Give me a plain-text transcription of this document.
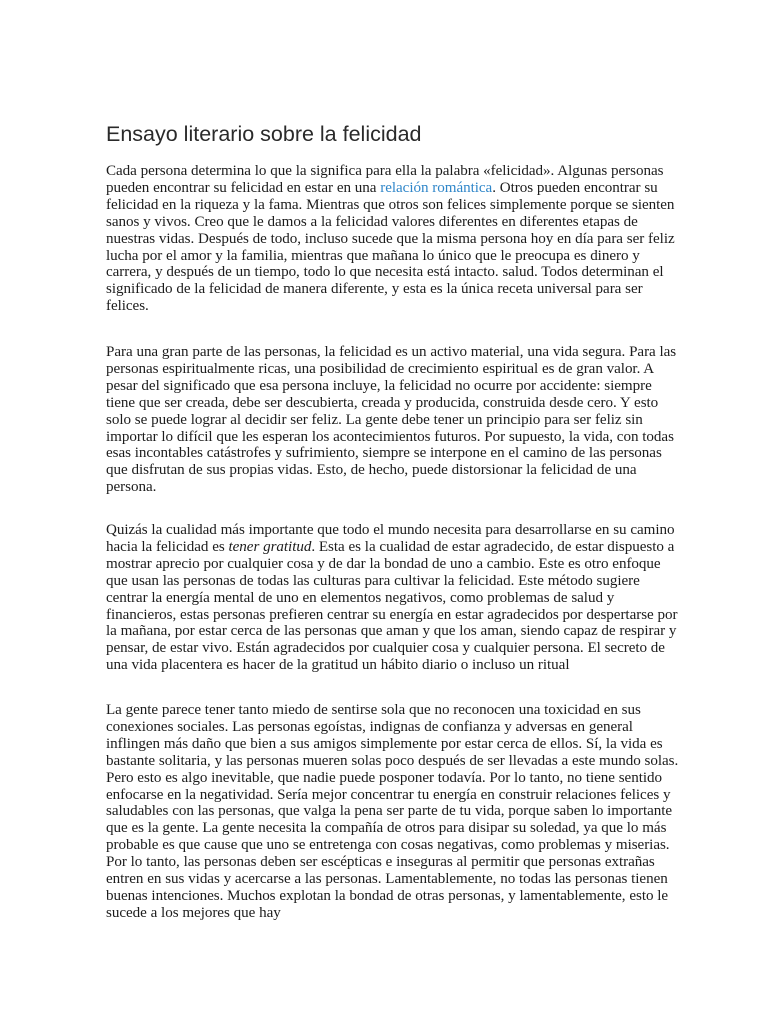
Ensayo literario sobre la felicidad

Cada persona determina lo que la significa para ella la palabra «felicidad». Algunas personas
pueden encontrar su felicidad en estar en una relación romántica. Otros pueden encontrar su
felicidad en la riqueza y la fama. Mientras que otros son felices simplemente porque se sienten
sanos y vivos. Creo que le damos a la felicidad valores diferentes en diferentes etapas de
nuestras vidas. Después de todo, incluso sucede que la misma persona hoy en día para ser feliz
lucha por el amor y la familia, mientras que mañana lo único que le preocupa es dinero y
carrera, y después de un tiempo, todo lo que necesita está intacto. salud. Todos determinan el
significado de la felicidad de manera diferente, y esta es la única receta universal para ser
felices.

Para una gran parte de las personas, la felicidad es un activo material, una vida segura. Para las
personas espiritualmente ricas, una posibilidad de crecimiento espiritual es de gran valor. A
pesar del significado que esa persona incluye, la felicidad no ocurre por accidente: siempre
tiene que ser creada, debe ser descubierta, creada y producida, construida desde cero. Y esto
solo se puede lograr al decidir ser feliz. La gente debe tener un principio para ser feliz sin
importar lo difícil que les esperan los acontecimientos futuros. Por supuesto, la vida, con todas
esas incontables catástrofes y sufrimiento, siempre se interpone en el camino de las personas
que disfrutan de sus propias vidas. Esto, de hecho, puede distorsionar la felicidad de una
persona.

Quizás la cualidad más importante que todo el mundo necesita para desarrollarse en su camino
hacia la felicidad es tener gratitud. Esta es la cualidad de estar agradecido, de estar dispuesto a
mostrar aprecio por cualquier cosa y de dar la bondad de uno a cambio. Este es otro enfoque
que usan las personas de todas las culturas para cultivar la felicidad. Este método sugiere
centrar la energía mental de uno en elementos negativos, como problemas de salud y
financieros, estas personas prefieren centrar su energía en estar agradecidos por despertarse por
la mañana, por estar cerca de las personas que aman y que los aman, siendo capaz de respirar y
pensar, de estar vivo. Están agradecidos por cualquier cosa y cualquier persona. El secreto de
una vida placentera es hacer de la gratitud un hábito diario o incluso un ritual

La gente parece tener tanto miedo de sentirse sola que no reconocen una toxicidad en sus
conexiones sociales. Las personas egoístas, indignas de confianza y adversas en general
inflingen más daño que bien a sus amigos simplemente por estar cerca de ellos. Sí, la vida es
bastante solitaria, y las personas mueren solas poco después de ser llevadas a este mundo solas.
Pero esto es algo inevitable, que nadie puede posponer todavía. Por lo tanto, no tiene sentido
enfocarse en la negatividad. Sería mejor concentrar tu energía en construir relaciones felices y
saludables con las personas, que valga la pena ser parte de tu vida, porque saben lo importante
que es la gente. La gente necesita la compañía de otros para disipar su soledad, ya que lo más
probable es que cause que uno se entretenga con cosas negativas, como problemas y miserias.
Por lo tanto, las personas deben ser escépticas e inseguras al permitir que personas extrañas
entren en sus vidas y acercarse a las personas. Lamentablemente, no todas las personas tienen
buenas intenciones. Muchos explotan la bondad de otras personas, y lamentablemente, esto le
sucede a los mejores que hay
